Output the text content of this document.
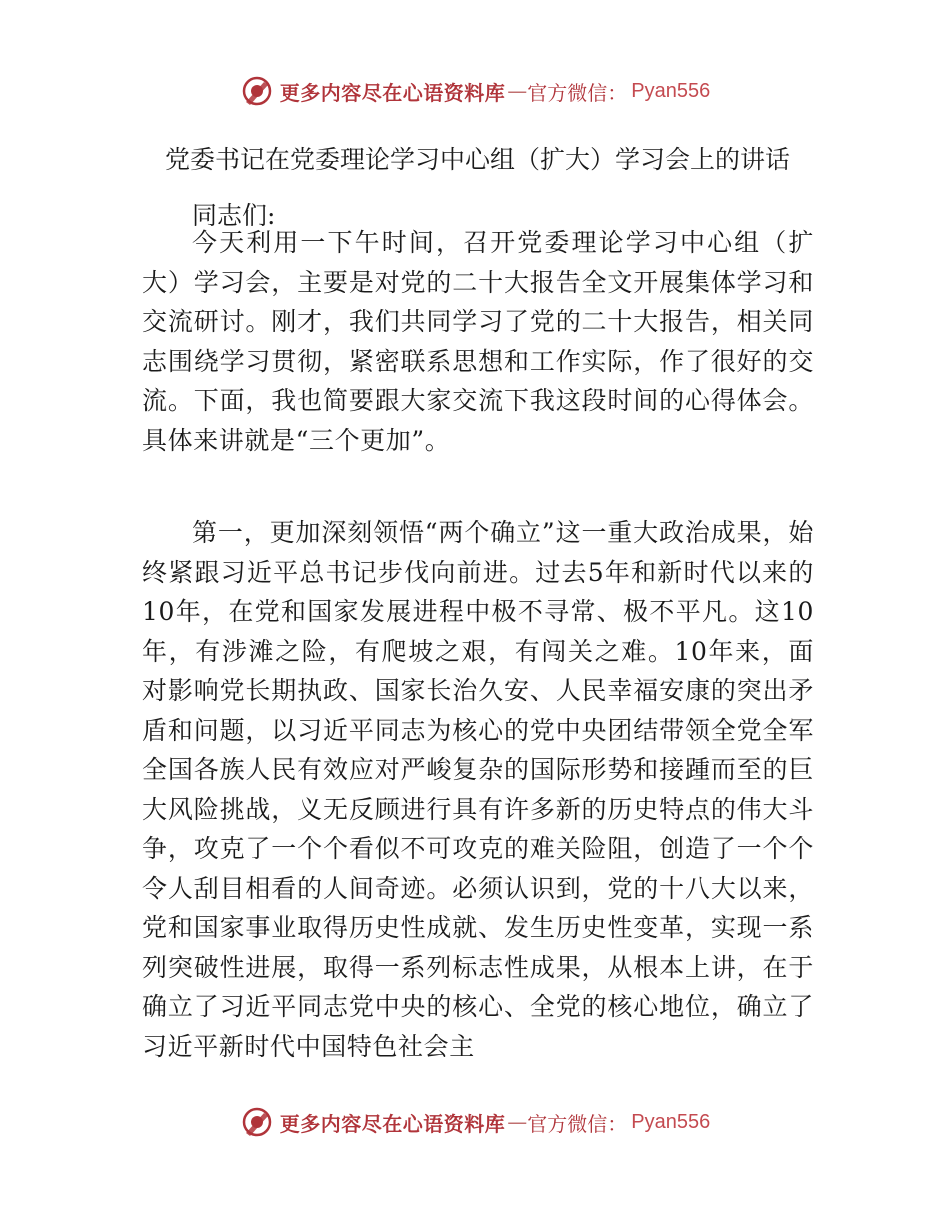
更多内容尽在心语资料库 — 官方微信： Pyan556
党委书记在党委理论学习中心组（扩大）学习会上的讲话
同志们:
今天利用一下午时间，召开党委理论学习中心组（扩大）学习会，主要是对党的二十大报告全文开展集体学习和交流研讨。刚才，我们共同学习了党的二十大报告，相关同志围绕学习贯彻，紧密联系思想和工作实际，作了很好的交流。下面，我也简要跟大家交流下我这段时间的心得体会。具体来讲就是“三个更加”。
第一，更加深刻领悟“两个确立”这一重大政治成果，始终紧跟习近平总书记步伐向前进。过去5年和新时代以来的10年，在党和国家发展进程中极不寻常、极不平凡。这10年，有涉滩之险，有爬坡之艰，有闯关之难。10年来，面对影响党长期执政、国家长治久安、人民幸福安康的突出矛盾和问题，以习近平同志为核心的党中央团结带领全党全军全国各族人民有效应对严峻复杂的国际形势和接踵而至的巨大风险挑战，义无反顾进行具有许多新的历史特点的伟大斗争，攻克了一个个看似不可攻克的难关险阻，创造了一个个令人刮目相看的人间奇迹。必须认识到，党的十八大以来，党和国家事业取得历史性成就、发生历史性变革，实现一系列突破性进展，取得一系列标志性成果，从根本上讲，在于确立了习近平同志党中央的核心、全党的核心地位，确立了习近平新时代中国特色社会主
更多内容尽在心语资料库 — 官方微信： Pyan556
